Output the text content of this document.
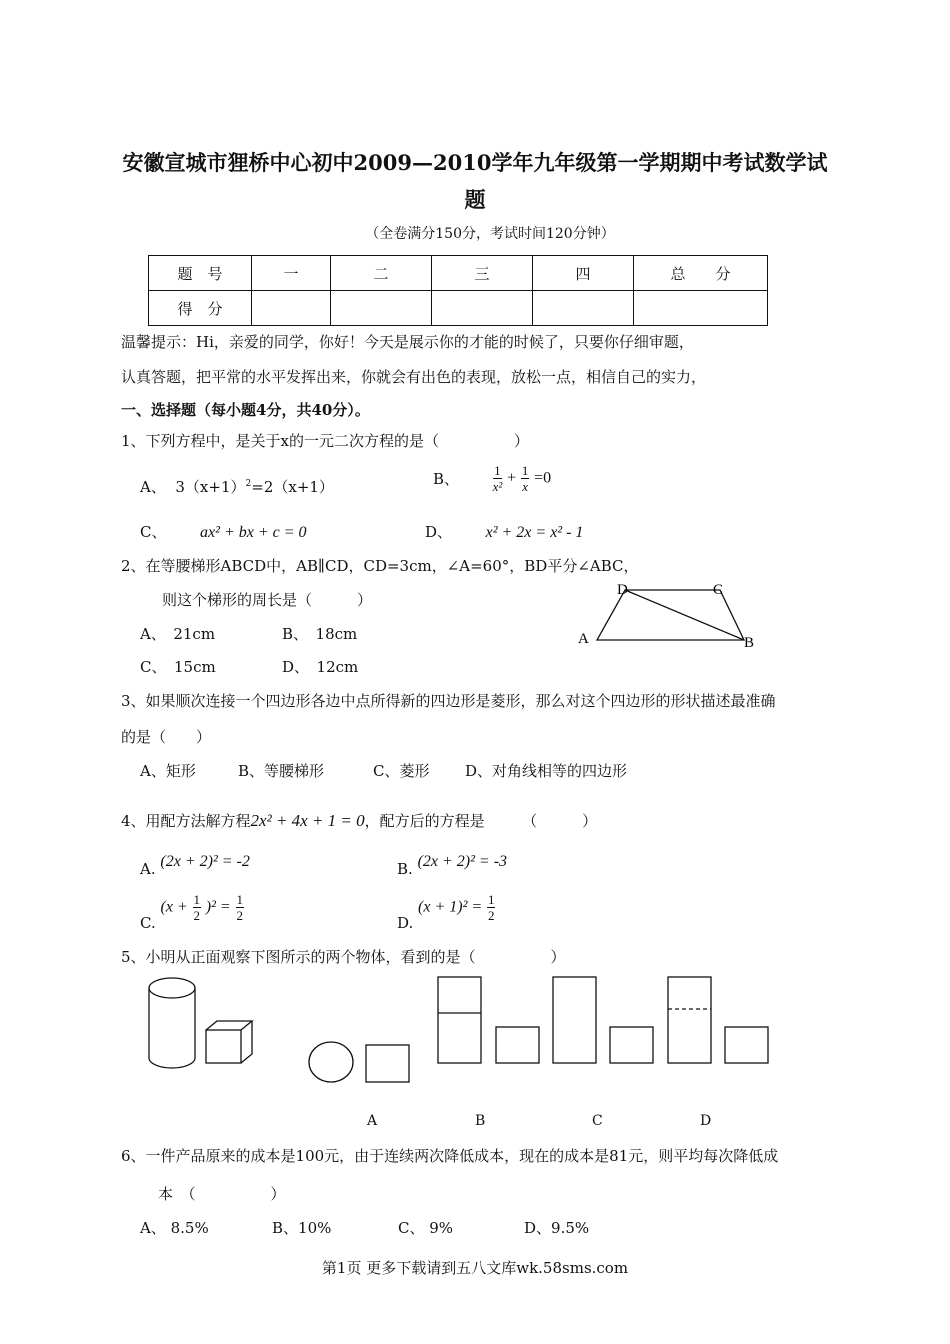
安徽宣城市狸桥中心初中2009—2010学年九年级第一学期期中考试数学试
题
（全卷满分150分，考试时间120分钟）
题　号	一	二	三	四	总　　分
得　分					
温馨提示：Hi，亲爱的同学，你好！今天是展示你的才能的时候了，只要你仔细审题，
认真答题，把平常的水平发挥出来，你就会有出色的表现，放松一点，相信自己的实力，
一、选择题（每小题4分，共40分）。
1、下列方程中，是关于x的一元二次方程的是（　　　　　）
A、 $3(x+1)^2=2(x+1)$	B、	$\frac{1}{\text{x²}} + \frac{1}{x} =0$
C、 ax² + bx + c = 0	D、 x² + 2x = x² - 1
2、在等腰梯形ABCD中，AB∥CD，CD=3cm，∠A=60°，BD平分∠ABC，
则这个梯形的周长是（　　　）
A、　21cm	B、　18cm
C、　15cm	D、　12cm
A	B
C
D
3、如果顺次连接一个四边形各边中点所得新的四边形是菱形，那么对这个四边形的形状描述最准确
的是（　　）
A、矩形	B、等腰梯形	C、菱形 D、对角线相等的四边形
4、用配方法解方程2x² + 4x + 1 = 0，配方后的方程是　　　（　　　）
A. (2x + 2)² = -2	B. (2x + 2)² = -3
C. $(x + \frac{1}{2} )^2 = \frac{1}{2}$	D. $(x + 1)^2 = \frac{1}{2}$
5、小明从正面观察下图所示的两个物体，看到的是（　　　　　）
A	B	C	D
6、一件产品原来的成本是100元，由于连续两次降低成本，现在的成本是81元，则平均每次降低成
本　（　　　　　）
A、 8.5%	B、10%	C、 9%	D、9.5%
第1页 更多下载请到五八文库wk.58sms.com
